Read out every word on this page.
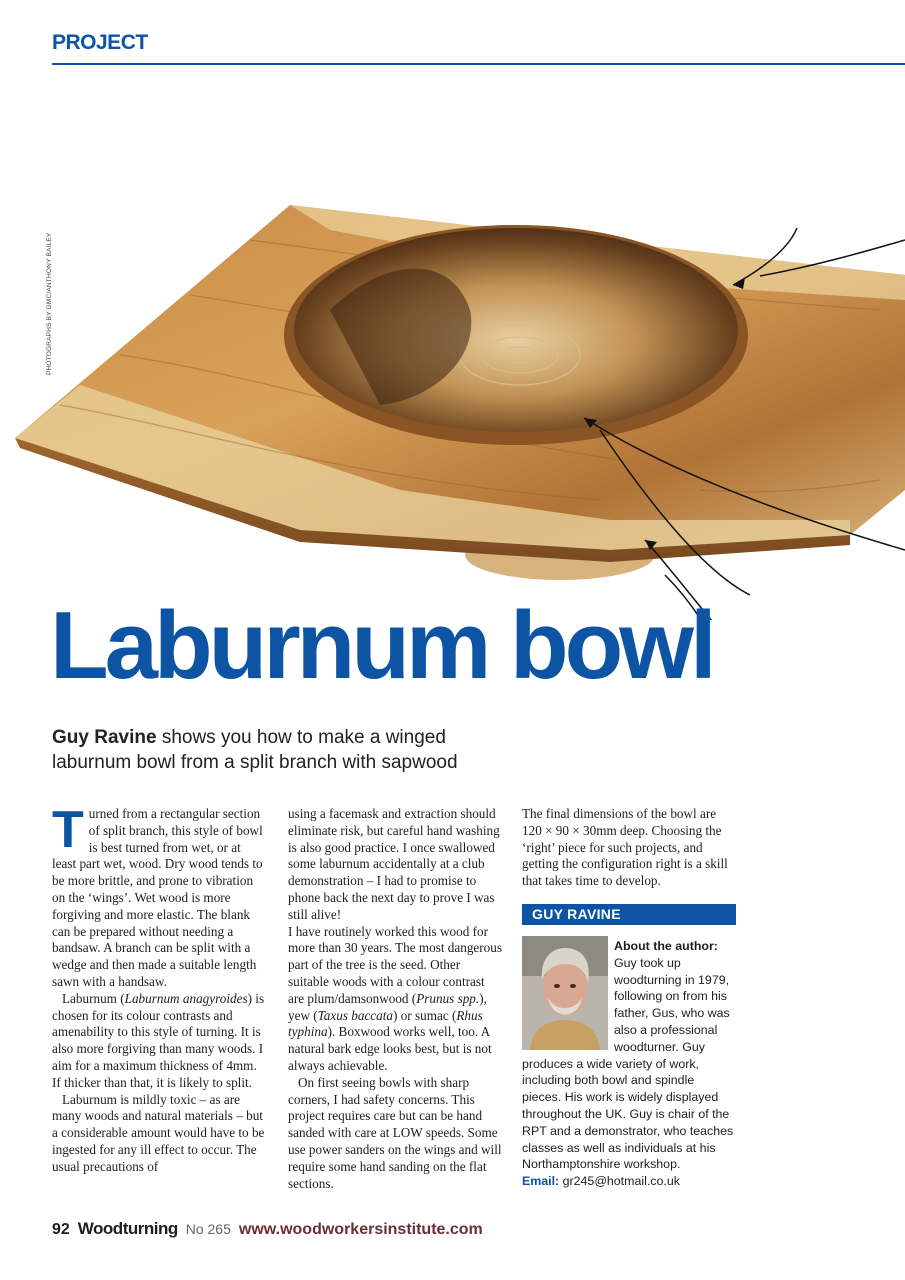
PROJECT
PHOTOGRAPHS BY GMC/ANTHONY BAILEY
Laburnum bowl

Guy Ravine shows you how to make a winged laburnum bowl from a split branch with sapwood

Turned from a rectangular section of split branch, this style of bowl is best turned from wet, or at least part wet, wood. Dry wood tends to be more brittle, and prone to vibration on the ‘wings’. Wet wood is more forgiving and more elastic. The blank can be prepared without needing a bandsaw. A branch can be split with a wedge and then made a suitable length sawn with a handsaw.

Laburnum (Laburnum anagyroides) is chosen for its colour contrasts and amenability to this style of turning. It is also more forgiving than many woods. I aim for a maximum thickness of 4mm. If thicker than that, it is likely to split.

Laburnum is mildly toxic – as are many woods and natural materials – but a considerable amount would have to be ingested for any ill effect to occur. The usual precautions of

using a facemask and extraction should eliminate risk, but careful hand washing is also good practice. I once swallowed some laburnum accidentally at a club demonstration – I had to promise to phone back the next day to prove I was still alive!

I have routinely worked this wood for more than 30 years. The most dangerous part of the tree is the seed. Other suitable woods with a colour contrast are plum/damsonwood (Prunus spp.), yew (Taxus baccata) or sumac (Rhus typhina). Boxwood works well, too. A natural bark edge looks best, but is not always achievable.

On first seeing bowls with sharp corners, I had safety concerns. This project requires care but can be hand sanded with care at LOW speeds. Some use power sanders on the wings and will require some hand sanding on the flat sections.

The final dimensions of the bowl are 120 × 90 × 30mm deep. Choosing the ‘right’ piece for such projects, and getting the configuration right is a skill that takes time to develop.

GUY RAVINE
About the author: Guy took up woodturning in 1979, following on from his father, Gus, who was also a professional woodturner. Guy produces a wide variety of work, including both bowl and spindle pieces. His work is widely displayed throughout the UK. Guy is chair of the RPT and a demonstrator, who teaches classes as well as individuals at his Northamptonshire workshop.
Email: gr245@hotmail.co.uk
92 Woodturning No 265 www.woodworkersinstitute.com
